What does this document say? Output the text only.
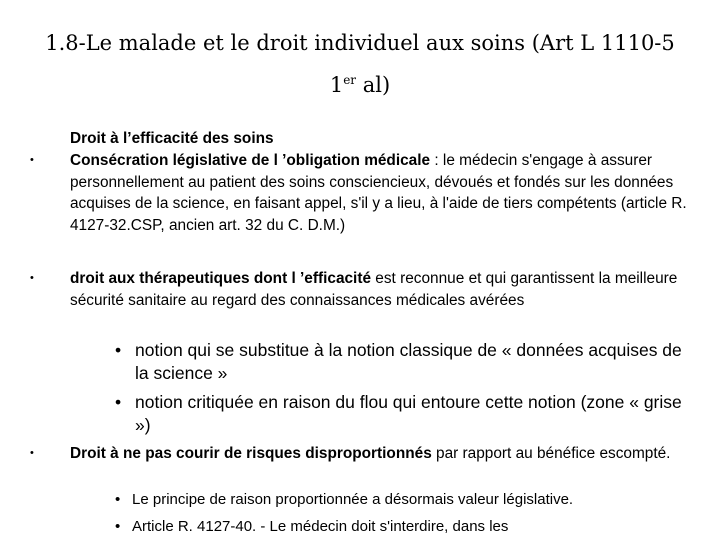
1.8-Le malade et le droit individuel aux soins (Art L 1110-5
1er al)
Droit à l’efficacité des soins
• Consécration législative de l ’obligation médicale : le médecin s'engage à assurer personnellement au patient des soins consciencieux, dévoués et fondés sur les données acquises de la science, en faisant appel, s'il y a lieu, à l'aide de tiers compétents (article R. 4127-32.CSP, ancien art. 32 du C. D.M.)
• droit aux thérapeutiques dont l ’efficacité est reconnue et qui garantissent la meilleure sécurité sanitaire au regard des connaissances médicales avérées
• notion qui se substitue à la notion classique de « données acquises de la science »
• notion critiquée en raison du flou qui entoure cette notion (zone « grise »)
• Droit à ne pas courir de risques disproportionnés par rapport au bénéfice escompté.
• Le principe de raison proportionnée a désormais valeur législative.
• Article R. 4127-40. - Le médecin doit s'interdire, dans les
